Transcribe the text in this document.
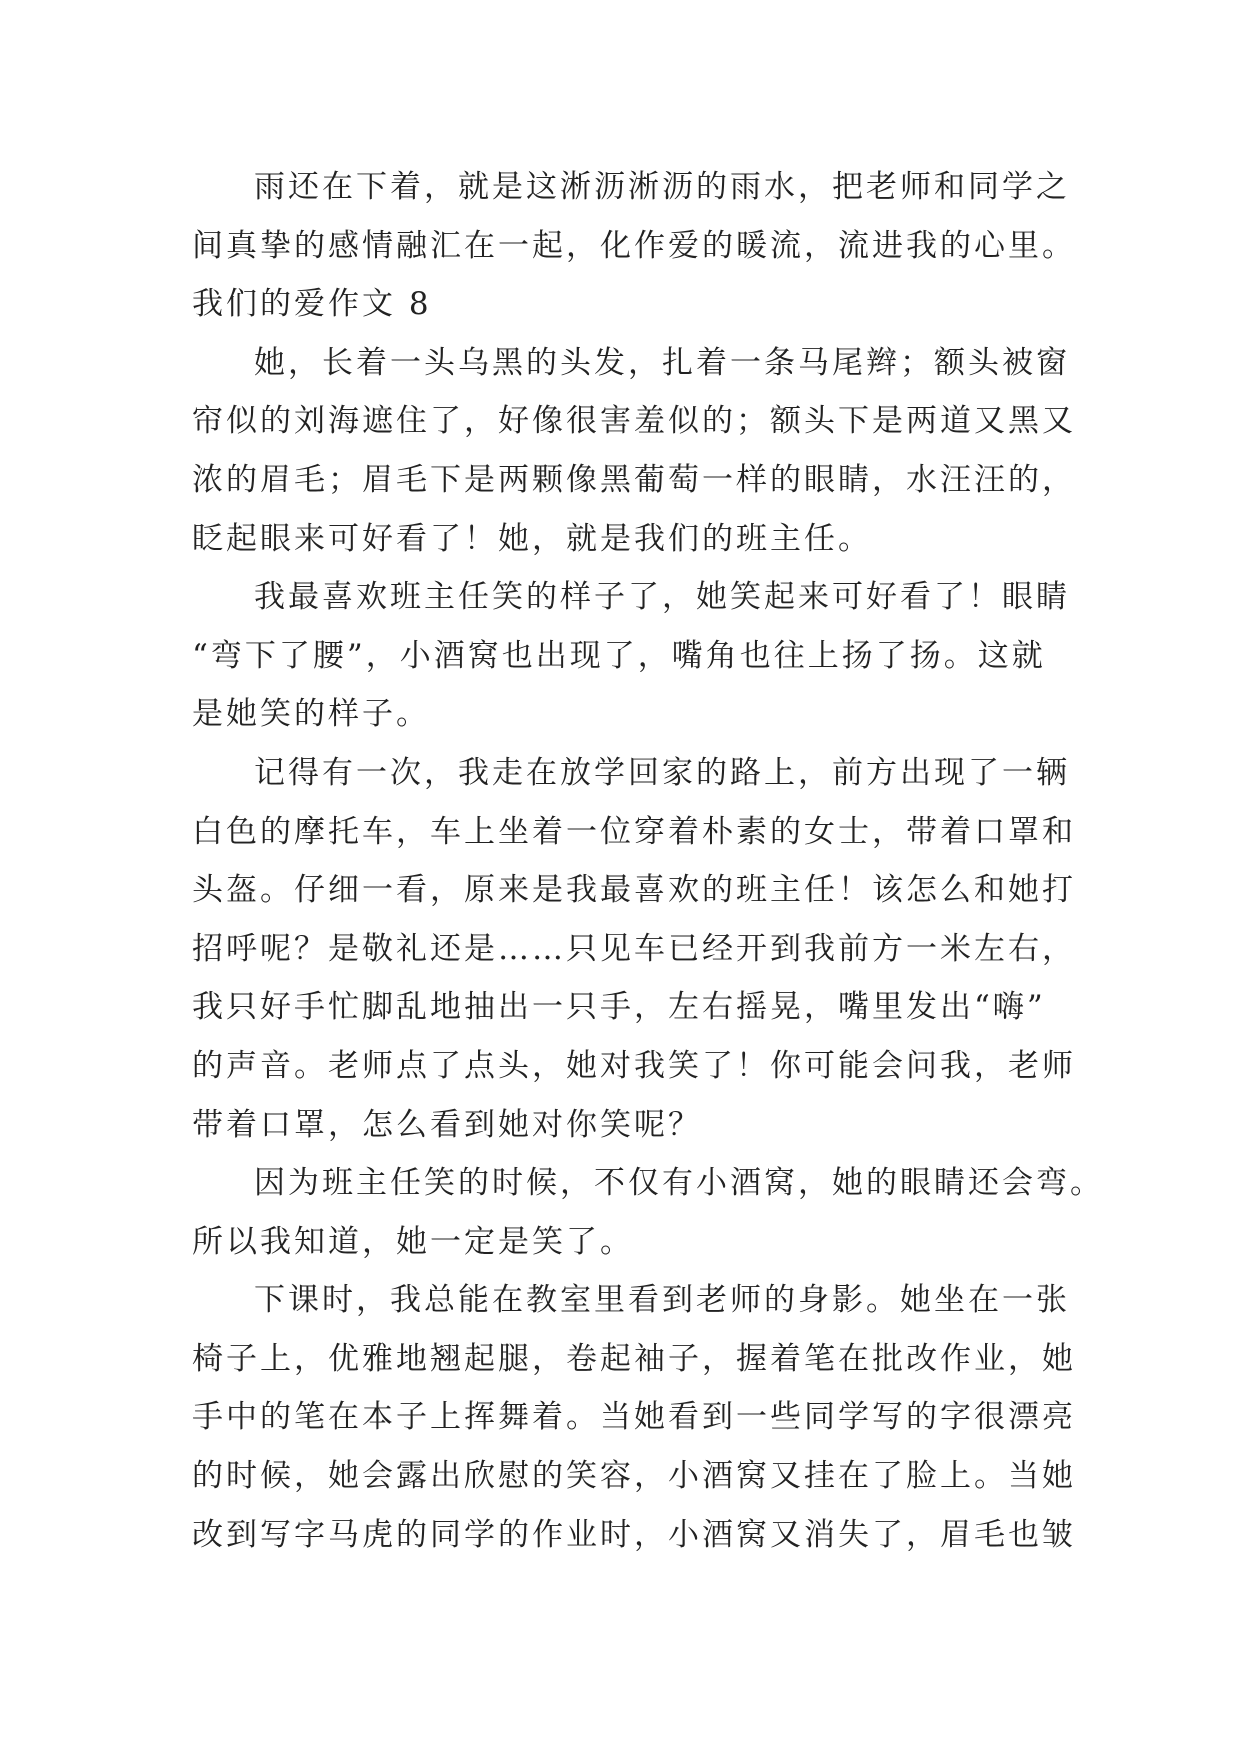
雨还在下着，就是这淅沥淅沥的雨水，把老师和同学之
间真挚的感情融汇在一起，化作爱的暖流，流进我的心里。
我们的爱作文 8
她，长着一头乌黑的头发，扎着一条马尾辫；额头被窗
帘似的刘海遮住了，好像很害羞似的；额头下是两道又黑又
浓的眉毛；眉毛下是两颗像黑葡萄一样的眼睛，水汪汪的，
眨起眼来可好看了！她，就是我们的班主任。
我最喜欢班主任笑的样子了，她笑起来可好看了！眼睛
“弯下了腰”，小酒窝也出现了，嘴角也往上扬了扬。这就
是她笑的样子。
记得有一次，我走在放学回家的路上，前方出现了一辆
白色的摩托车，车上坐着一位穿着朴素的女士，带着口罩和
头盔。仔细一看，原来是我最喜欢的班主任！该怎么和她打
招呼呢？是敬礼还是……只见车已经开到我前方一米左右，
我只好手忙脚乱地抽出一只手，左右摇晃，嘴里发出“嗨”
的声音。老师点了点头，她对我笑了！你可能会问我，老师
带着口罩，怎么看到她对你笑呢？
因为班主任笑的时候，不仅有小酒窝，她的眼睛还会弯。
所以我知道，她一定是笑了。
下课时，我总能在教室里看到老师的身影。她坐在一张
椅子上，优雅地翘起腿，卷起袖子，握着笔在批改作业，她
手中的笔在本子上挥舞着。当她看到一些同学写的字很漂亮
的时候，她会露出欣慰的笑容，小酒窝又挂在了脸上。当她
改到写字马虎的同学的作业时，小酒窝又消失了，眉毛也皱
